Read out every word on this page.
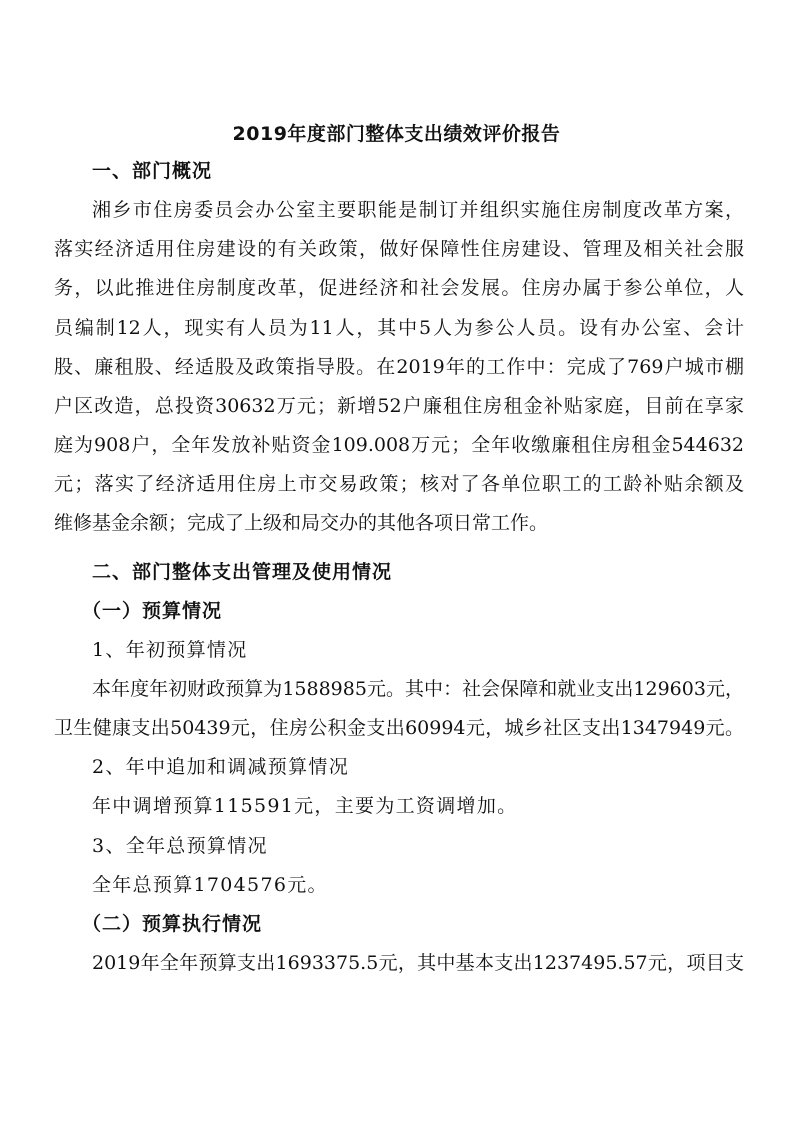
2019年度部门整体支出绩效评价报告
一、部门概况
湘乡市住房委员会办公室主要职能是制订并组织实施住房制度改革方案，
落实经济适用住房建设的有关政策，做好保障性住房建设、管理及相关社会服
务，以此推进住房制度改革，促进经济和社会发展。住房办属于参公单位，人
员编制12人，现实有人员为11人，其中5人为参公人员。设有办公室、会计
股、廉租股、经适股及政策指导股。在2019年的工作中：完成了769户城市棚
户区改造，总投资30632万元；新增52户廉租住房租金补贴家庭，目前在享家
庭为908户，全年发放补贴资金109.008万元；全年收缴廉租住房租金544632
元；落实了经济适用住房上市交易政策；核对了各单位职工的工龄补贴余额及
维修基金余额；完成了上级和局交办的其他各项日常工作。
二、部门整体支出管理及使用情况
（一）预算情况
1、年初预算情况
本年度年初财政预算为1588985元。其中：社会保障和就业支出129603元，
卫生健康支出50439元，住房公积金支出60994元，城乡社区支出1347949元。
2、年中追加和调减预算情况
年中调增预算115591元，主要为工资调增加。
3、全年总预算情况
全年总预算1704576元。
（二）预算执行情况
2019年全年预算支出1693375.5元，其中基本支出1237495.57元，项目支
